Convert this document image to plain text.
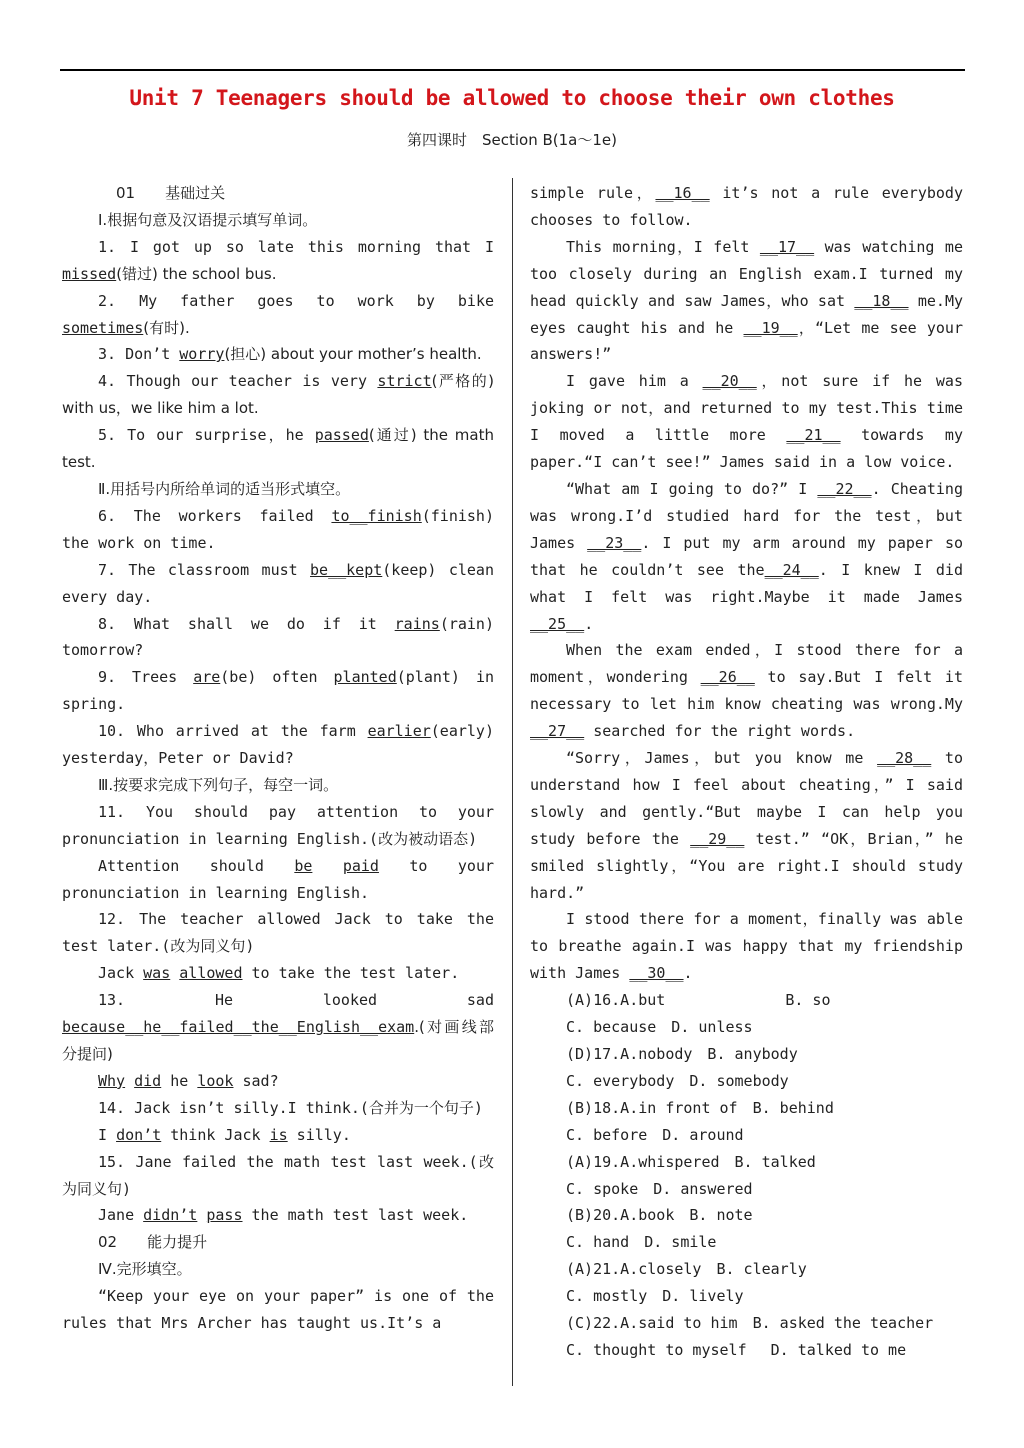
Unit 7 Teenagers should be allowed to choose their own clothes
第四课时　Section B(1a～1e)

01　　基础过关

Ⅰ.根据句意及汉语提示填写单词。

1. I got up so late this morning that I missed(错过) the school bus.

2. My father goes to work by bike sometimes(有时).

3. Don’t worry(担心) about your mother’s health.

4. Though our teacher is very strict(严格的) with us，we like him a lot.

5. To our surprise，he passed(通过) the math test.

Ⅱ.用括号内所给单词的适当形式填空。

6. The workers failed to__finish(finish) the work on time.

7. The classroom must be__kept(keep) clean every day.

8. What shall we do if it rains(rain) tomorrow?

9. Trees are(be) often planted(plant) in spring.

10. Who arrived at the farm earlier(early) yesterday，Peter or David?

Ⅲ.按要求完成下列句子，每空一词。

11. You should pay attention to your pronunciation in learning English.(改为被动语态)

Attention should be paid to your pronunciation in learning English.

12. The teacher allowed Jack to take the test later.(改为同义句)

Jack was allowed to take the test later.

13. He looked sad because__he__failed__the__English__exam.(对画线部分提问)

Why did he look sad?

14. Jack isn’t silly.I think.(合并为一个句子)

I don’t think Jack is silly.

15. Jane failed the math test last week.(改为同义句)

Jane didn’t pass the math test last week.

02　　能力提升

Ⅳ.完形填空。

“Keep your eye on your paper” is one of the rules that Mrs Archer has taught us.It’s a

simple rule，__16__ it’s not a rule everybody chooses to follow.

This morning，I felt __17__ was watching me too closely during an English exam.I turned my head quickly and saw James，who sat __18__ me.My eyes caught his and he __19__，“Let me see your answers!”

I gave him a __20__，not sure if he was joking or not，and returned to my test.This time I moved a little more __21__ towards my paper.“I can’t see!” James said in a low voice.

“What am I going to do?” I __22__. Cheating was wrong.I’d studied hard for the test，but James __23__. I put my arm around my paper so that he couldn’t see the__24__. I knew I did what I felt was right.Maybe it made James __25__.

When the exam ended，I stood there for a moment，wondering __26__ to say.But I felt it necessary to let him know cheating was wrong.My __27__ searched for the right words.

“Sorry，James，but you know me __28__ to understand how I feel about cheating，” I said slowly and gently.“But maybe I can help you study before the __29__ test.” “OK，Brian，” he smiled slightly，“You are right.I should study hard.”

I stood there for a moment，finally was able to breathe again.I was happy that my friendship with James __30__.

(A)16.A.but　　　　　　　　B. so

C. because　D. unless

(D)17.A.nobody　B. anybody

C. everybody　D. somebody

(B)18.A.in front of　B. behind

C. before　D. around

(A)19.A.whispered　B. talked

C. spoke　D. answered

(B)20.A.book　B. note

C. hand　D. smile

(A)21.A.closely　B. clearly

C. mostly　D. lively

(C)22.A.said to him　B. asked the teacher

C. thought to myself　 D. talked to me
